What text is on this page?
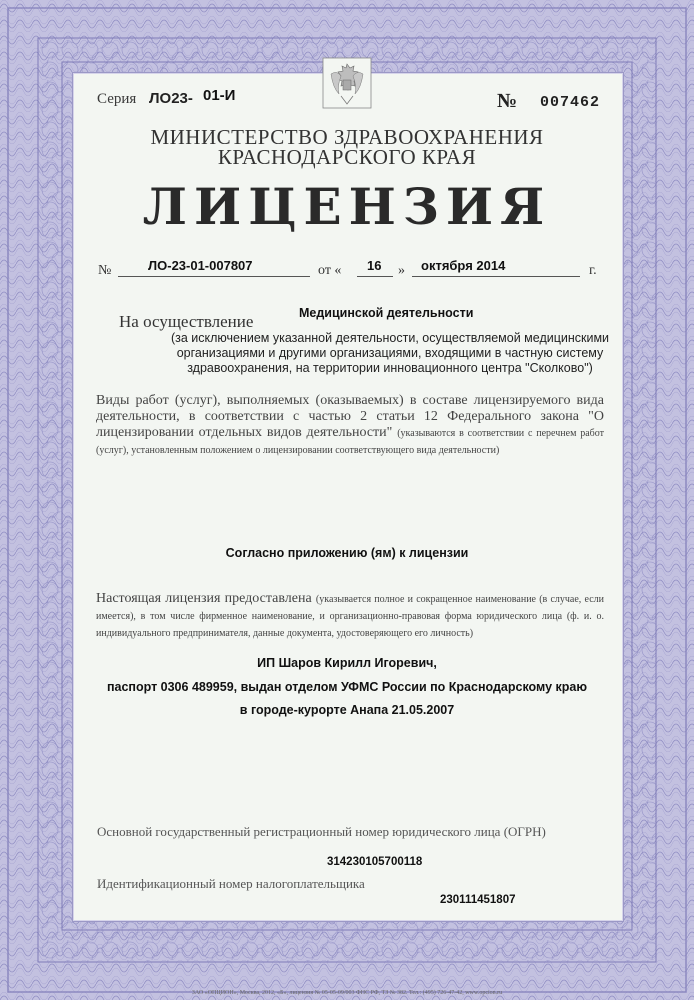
Серия ЛО23- 01-И	№ 007462
МИНИСТЕРСТВО ЗДРАВООХРАНЕНИЯ
КРАСНОДАРСКОГО КРАЯ
ЛИЦЕНЗИЯ
№	ЛО-23-01-007807	от « 16 » октября 2014	г.
Медицинской деятельности
На осуществление
(за исключением указанной деятельности, осуществляемой медицинскими организациями и другими организациями, входящими в частную систему здравоохранения, на территории инновационного центра "Сколково")
Виды работ (услуг), выполняемых (оказываемых) в составе лицензируемого вида деятельности, в соответствии с частью 2 статьи 12 Федерального закона "О лицензировании отдельных видов деятельности" (указываются в соответствии с перечнем работ (услуг), установленным положением о лицензировании соответствующего вида деятельности)
Согласно приложению (ям) к лицензии
Настоящая лицензия предоставлена (указывается полное и сокращенное наименование (в случае, если имеется), в том числе фирменное наименование, и организационно-правовая форма юридического лица (ф. и. о. индивидуального предпринимателя, данные документа, удостоверяющего его личность)
ИП Шаров Кирилл Игоревич,
паспорт 0306 489959, выдан отделом УФМС России по Краснодарскому краю
в городе-курорте Анапа 21.05.2007
Основной государственный регистрационный номер юридического лица (ОГРН)
314230105700118
Идентификационный номер налогоплательщика
230111451807
ЗАО «ОПЦИОН», Москва, 2012, «Б», лицензия № 05-05-09/003 ФНС РФ, ТЗ № 382. Тел.: (495) 726-47-42, www.opcion.ru
